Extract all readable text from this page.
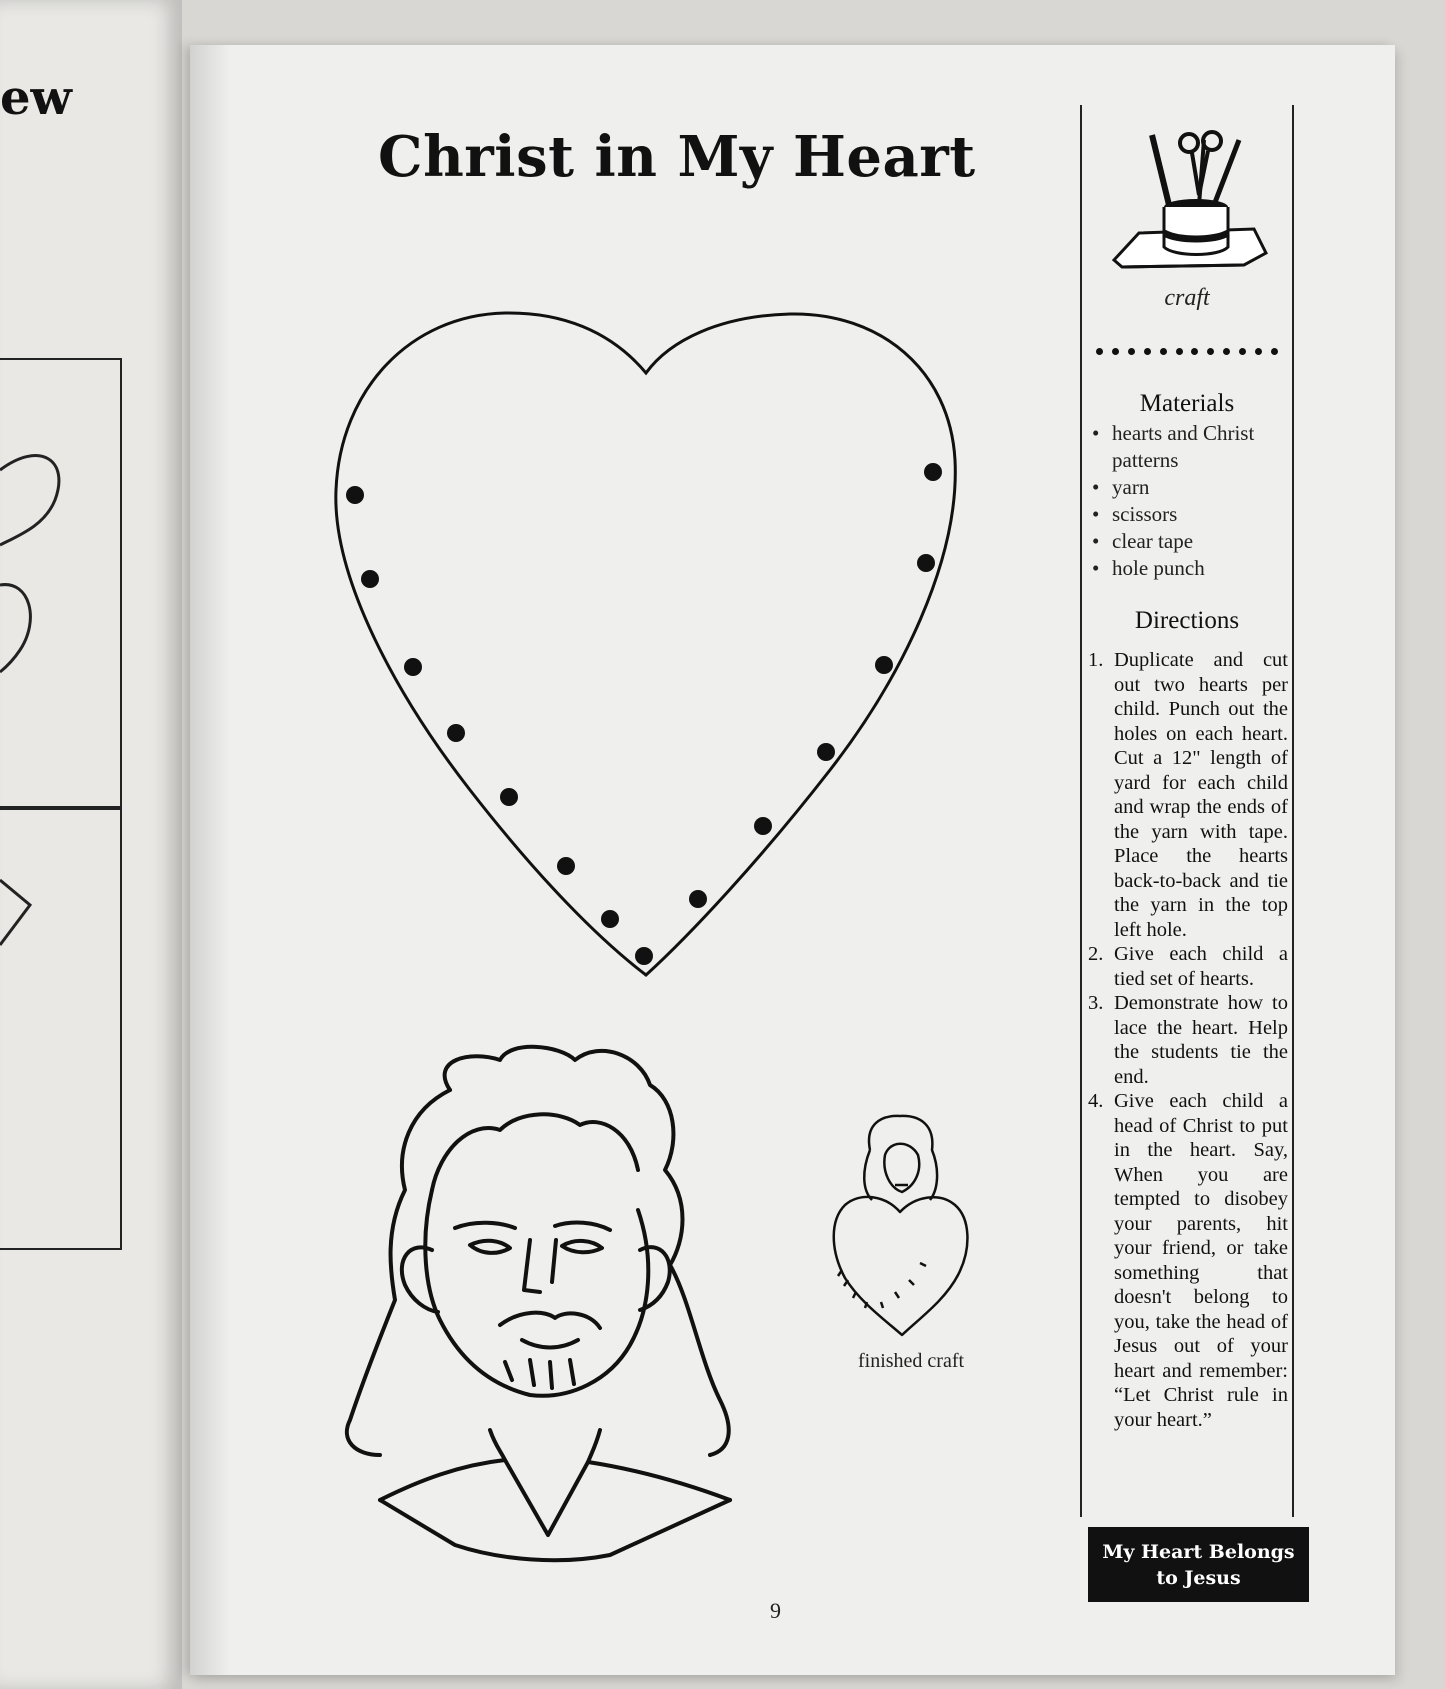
ew
Christ in My Heart
finished craft
9
craft
Materials
• hearts and Christ patterns
• yarn
• scissors
• clear tape
• hole punch
Directions
1. Duplicate and cut out two hearts per child. Punch out the holes on each heart. Cut a 12" length of yard for each child and wrap the ends of the yarn with tape. Place the hearts back-to-back and tie the yarn in the top left hole.
2. Give each child a tied set of hearts.
3. Demonstrate how to lace the heart. Help the students tie the end.
4. Give each child a head of Christ to put in the heart. Say, When you are tempted to disobey your parents, hit your friend, or take something that doesn't belong to you, take the head of Jesus out of your heart and remember: “Let Christ rule in your heart.”
My Heart Belongs
to Jesus
